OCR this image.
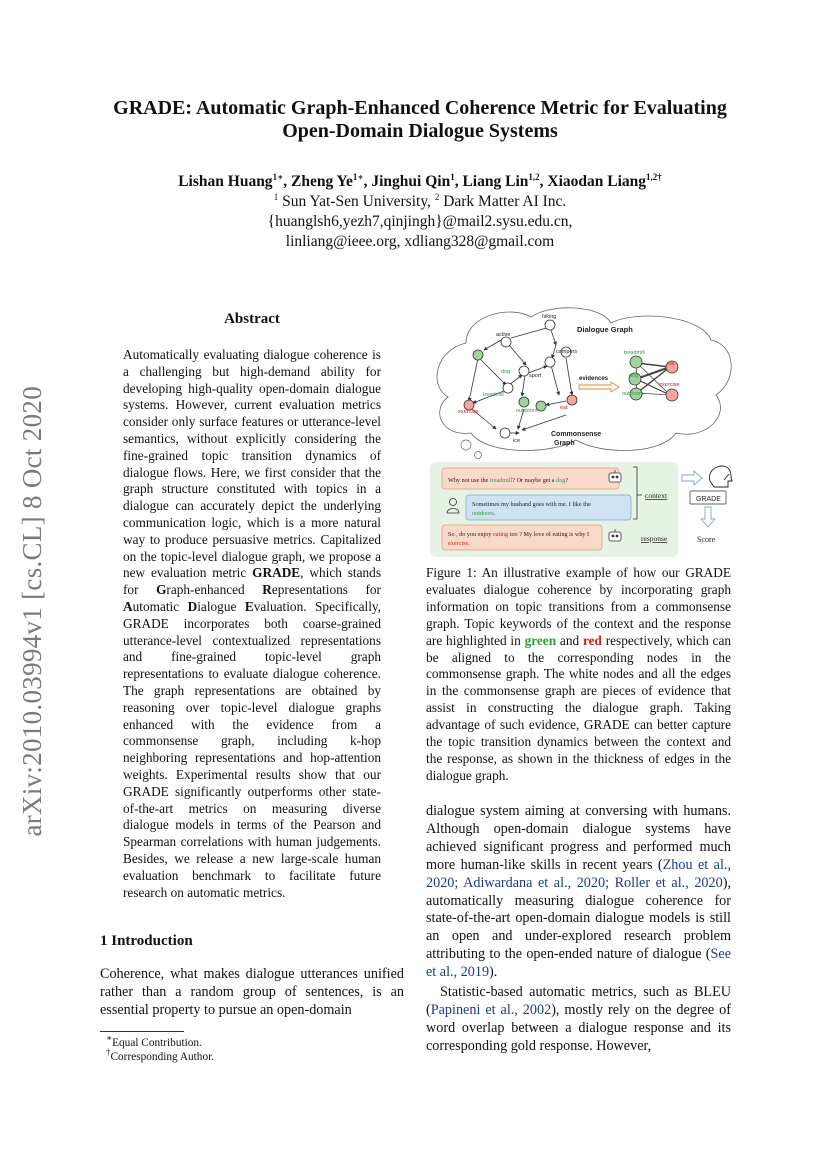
arXiv:2010.03994v1 [cs.CL] 8 Oct 2020
GRADE: Automatic Graph-Enhanced Coherence Metric for Evaluating
Open-Domain Dialogue Systems
Lishan Huang$^{1∗}$, Zheng $Ye^{1∗}$, Jinghui Qin$^1$, Liang Lin$^{1,2}$, Xiaodan Liang$^{1,2\dagger}$
$^1$ Sun Yat-Sen University, $^2$ Dark Matter AI Inc.
{huanglsh6,yezh7,qinjingh}@mail2.sysu.edu.cn,
linliang@ieee.org, xdliang328@gmail.com
Abstract
Automatically evaluating dialogue coherence is a challenging but high-demand ability for developing high-quality open-domain dialogue systems. However, current evaluation metrics consider only surface features or utterance-level semantics, without explicitly considering the fine-grained topic transition dynamics of dialogue flows. Here, we first consider that the graph structure constituted with topics in a dialogue can accurately depict the underlying communication logic, which is a more natural way to produce persuasive metrics. Capitalized on the topic-level dialogue graph, we propose a new evaluation metric GRADE, which stands for Graph-enhanced Representations for Automatic Dialogue Evaluation. Specifically, GRADE incorporates both coarse-grained utterance-level contextualized representations and fine-grained topic-level graph representations to evaluate dialogue coherence. The graph representations are obtained by reasoning over topic-level dialogue graphs enhanced with the evidence from a commonsense graph, including k-hop neighboring representations and hop-attention weights. Experimental results show that our GRADE significantly outperforms other state-of-the-art metrics on measuring diverse dialogue models in terms of the Pearson and Spearman correlations with human judgements. Besides, we release a new large-scale human evaluation benchmark to facilitate future research on automatic metrics.
1 Introduction
Coherence, what makes dialogue utterances unified rather than a random group of sentences, is an essential property to pursue an open-domain
∗Equal Contribution.
†Corresponding Author.
active
hiking
campers
dog
sport
treadmill
exercise	outdoors	eat
ice
Commonsense
Graph
evidences
Dialogue Graph
treadmill
eat
dog
exercise
outdoors
Why not use the treadmill? Or maybe get a dog?
Sometimes my husband goes with me. I like the
outdoors.
So , do you enjoy eating too ? My love of eating is why I
exercise.
context
response
GRADE
Score
Figure 1: An illustrative example of how our GRADE evaluates dialogue coherence by incorporating graph information on topic transitions from a commonsense graph. Topic keywords of the context and the response are highlighted in green and red respectively, which can be aligned to the corresponding nodes in the commonsense graph. The white nodes and all the edges in the commonsense graph are pieces of evidence that assist in constructing the dialogue graph. Taking advantage of such evidence, GRADE can better capture the topic transition dynamics between the context and the response, as shown in the thickness of edges in the dialogue graph.

dialogue system aiming at conversing with humans. Although open-domain dialogue systems have achieved significant progress and performed much more human-like skills in recent years (Zhou et al., 2020; Adiwardana et al., 2020; Roller et al., 2020), automatically measuring dialogue coherence for state-of-the-art open-domain dialogue models is still an open and under-explored research problem attributing to the open-ended nature of dialogue (See et al., 2019).

Statistic-based automatic metrics, such as BLEU (Papineni et al., 2002), mostly rely on the degree of word overlap between a dialogue response and its corresponding gold response. However,
